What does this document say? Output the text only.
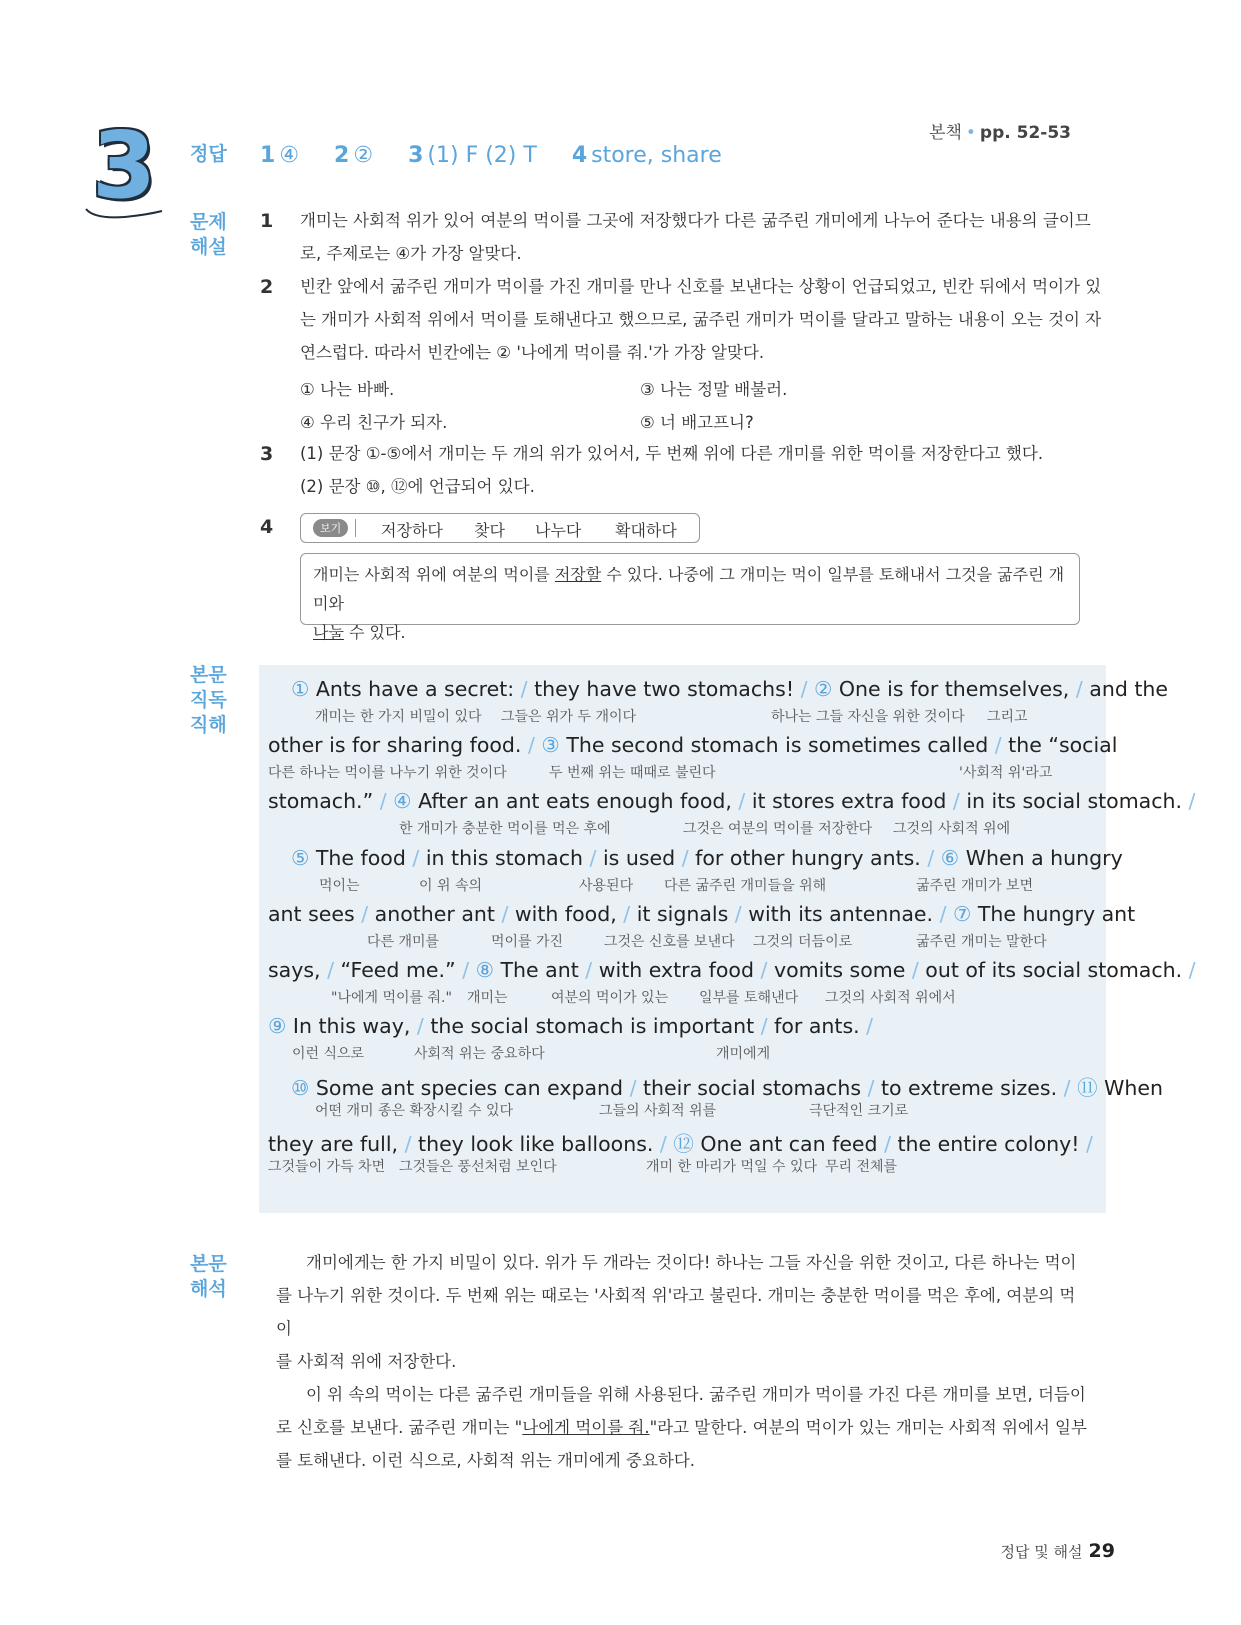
본책 • pp. 52-53
3 정답 1 ④ 2 ② 3 (1) F (2) T 4 store, share
문제
해설
1 개미는 사회적 위가 있어 여분의 먹이를 그곳에 저장했다가 다른 굶주린 개미에게 나누어 준다는 내용의 글이므
로, 주제로는 ④가 가장 알맞다.
2 빈칸 앞에서 굶주린 개미가 먹이를 가진 개미를 만나 신호를 보낸다는 상황이 언급되었고, 빈칸 뒤에서 먹이가 있
는 개미가 사회적 위에서 먹이를 토해낸다고 했으므로, 굶주린 개미가 먹이를 달라고 말하는 내용이 오는 것이 자
연스럽다. 따라서 빈칸에는 ② '나에게 먹이를 줘.'가 가장 알맞다.
① 나는 바빠.	③ 나는 정말 배불러.
④ 우리 친구가 되자.	⑤ 너 배고프니?
3 (1) 문장 ①-⑤에서 개미는 두 개의 위가 있어서, 두 번째 위에 다른 개미를 위한 먹이를 저장한다고 했다.
(2) 문장 ⑩, ⑫에 언급되어 있다.
4	보기	저장하다 찾다 나누다 확대하다
개미는 사회적 위에 여분의 먹이를 저장할 수 있다. 나중에 그 개미는 먹이 일부를 토해내서 그것을 굶주린 개미와
나눌 수 있다.
본문
직독
직해
① Ants have a secret: / they have two stomachs! / ② One is for themselves, / and the
개미는 한 가지 비밀이 있다 그들은 위가 두 개이다	하나는 그들 자신을 위한 것이다 그리고
other is for sharing food. / ③ The second stomach is sometimes called / the “social
다른 하나는 먹이를 나누기 위한 것이다	두 번째 위는 때때로 불린다	'사회적 위'라고
stomach.” / ④ After an ant eats enough food, / it stores extra food / in its social stomach. /
한 개미가 충분한 먹이를 먹은 후에	그것은 여분의 먹이를 저장한다 그것의 사회적 위에
⑤ The food / in this stomach / is used / for other hungry ants. / ⑥ When a hungry
먹이는	이 위 속의	사용된다 다른 굶주린 개미들을 위해	굶주린 개미가 보면
ant sees / another ant / with food, / it signals / with its antennae. / ⑦ The hungry ant
다른 개미를	먹이를 가진	그것은 신호를 보낸다 그것의 더듬이로	굶주린 개미는 말한다
says, / “Feed me.” / ⑧ The ant / with extra food / vomits some / out of its social stomach. /
"나에게 먹이를 줘." 개미는	여분의 먹이가 있는 일부를 토해낸다 그것의 사회적 위에서
⑨ In this way, / the social stomach is important / for ants. /
이런 식으로	사회적 위는 중요하다	개미에게
⑩ Some ant species can expand / their social stomachs / to extreme sizes. / ⑪ When
어떤 개미 종은 확장시킬 수 있다	그들의 사회적 위를	극단적인 크기로
they are full, / they look like balloons. / ⑫ One ant can feed / the entire colony! /
그것들이 가득 차면 그것들은 풍선처럼 보인다	개미 한 마리가 먹일 수 있다 무리 전체를
본문
해석
개미에게는 한 가지 비밀이 있다. 위가 두 개라는 것이다! 하나는 그들 자신을 위한 것이고, 다른 하나는 먹이
를 나누기 위한 것이다. 두 번째 위는 때로는 '사회적 위'라고 불린다. 개미는 충분한 먹이를 먹은 후에, 여분의 먹이
를 사회적 위에 저장한다.
이 위 속의 먹이는 다른 굶주린 개미들을 위해 사용된다. 굶주린 개미가 먹이를 가진 다른 개미를 보면, 더듬이
로 신호를 보낸다. 굶주린 개미는 "나에게 먹이를 줘."라고 말한다. 여분의 먹이가 있는 개미는 사회적 위에서 일부
를 토해낸다. 이런 식으로, 사회적 위는 개미에게 중요하다.
정답 및 해설 29
